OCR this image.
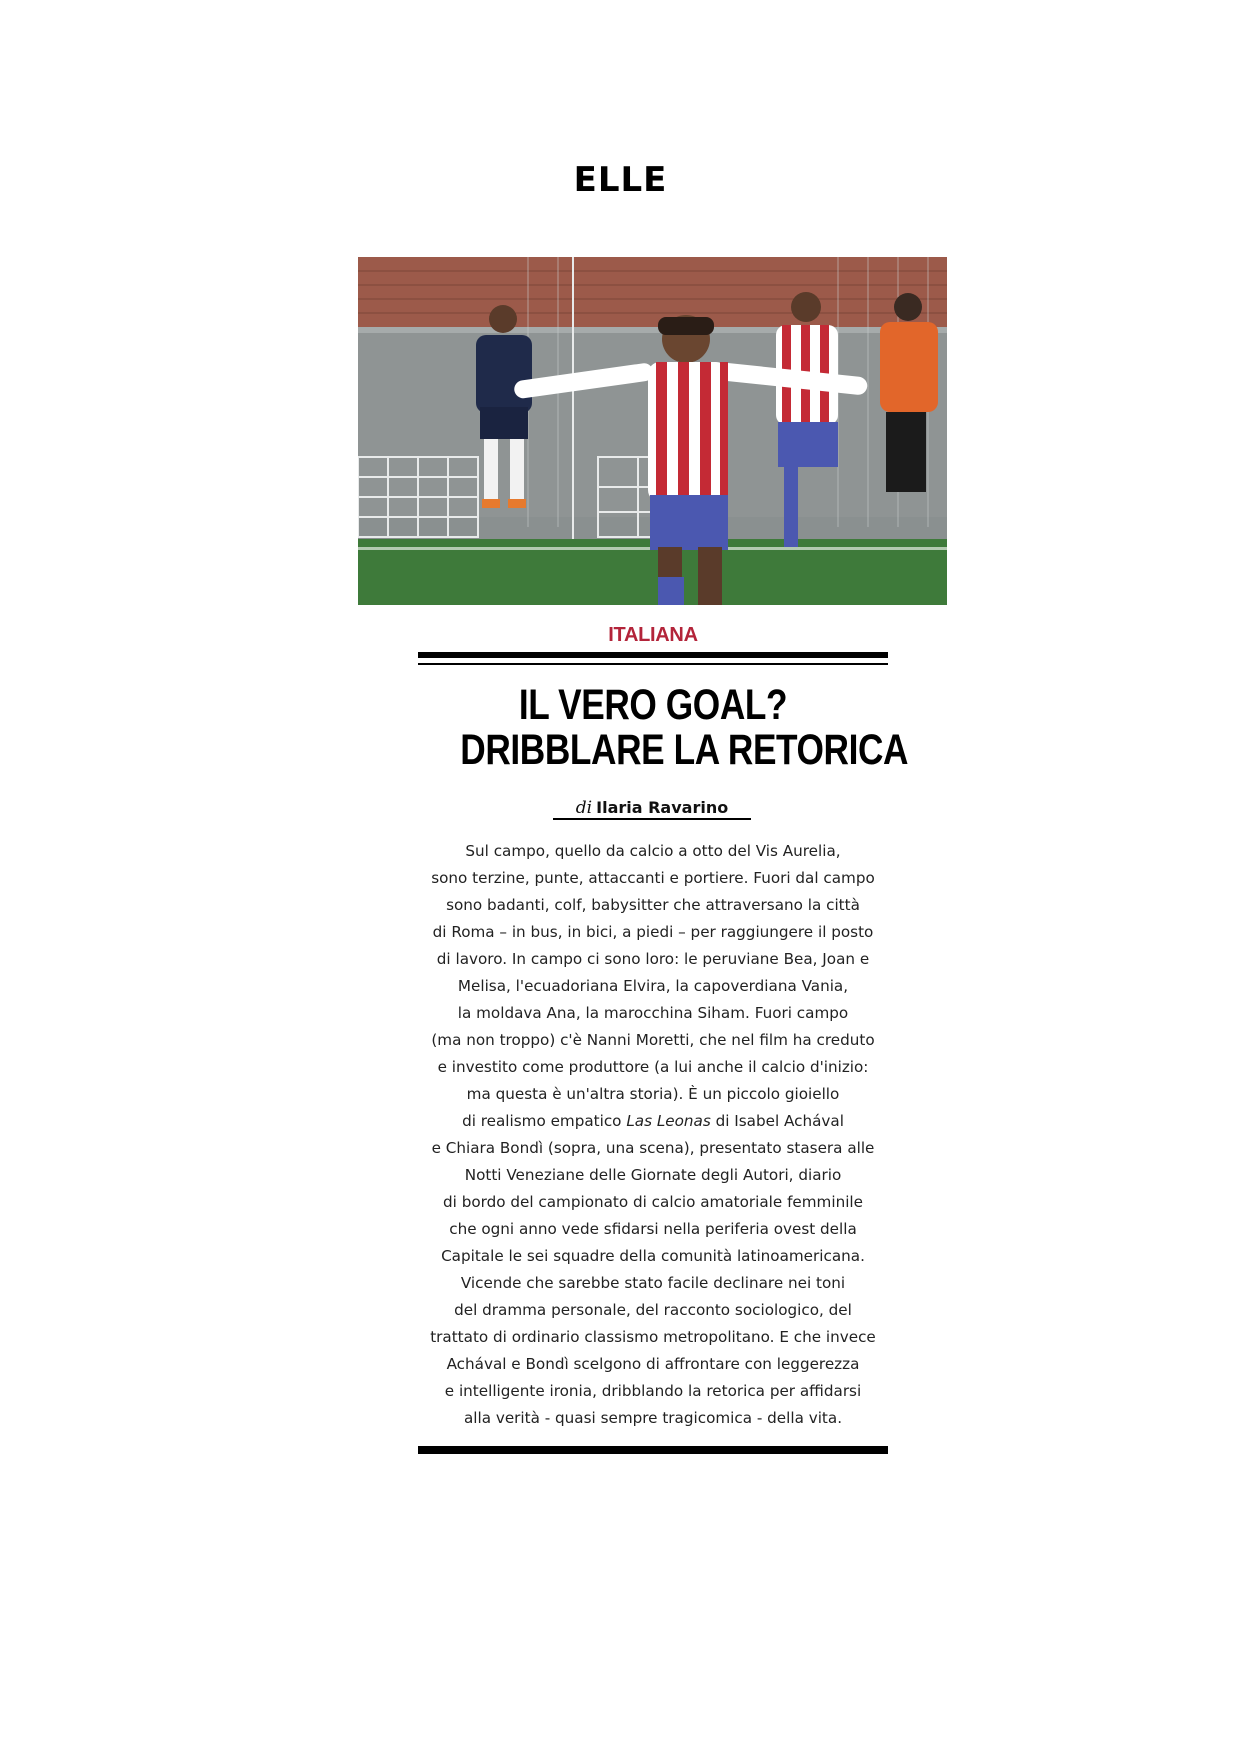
ELLE
ITALIANA
IL VERO GOAL?
DRIBBLARE LA RETORICA
di Ilaria Ravarino
Sul campo, quello da calcio a otto del Vis Aurelia,
sono terzine, punte, attaccanti e portiere. Fuori dal campo
sono badanti, colf, babysitter che attraversano la città
di Roma – in bus, in bici, a piedi – per raggiungere il posto
di lavoro. In campo ci sono loro: le peruviane Bea, Joan e
Melisa, l'ecuadoriana Elvira, la capoverdiana Vania,
la moldava Ana, la marocchina Siham. Fuori campo
(ma non troppo) c'è Nanni Moretti, che nel film ha creduto
e investito come produttore (a lui anche il calcio d'inizio:
ma questa è un'altra storia). È un piccolo gioiello
di realismo empatico Las Leonas di Isabel Achával
e Chiara Bondì (sopra, una scena), presentato stasera alle
Notti Veneziane delle Giornate degli Autori, diario
di bordo del campionato di calcio amatoriale femminile
che ogni anno vede sfidarsi nella periferia ovest della
Capitale le sei squadre della comunità latinoamericana.
Vicende che sarebbe stato facile declinare nei toni
del dramma personale, del racconto sociologico, del
trattato di ordinario classismo metropolitano. E che invece
Achával e Bondì scelgono di affrontare con leggerezza
e intelligente ironia, dribblando la retorica per affidarsi
alla verità - quasi sempre tragicomica - della vita.
